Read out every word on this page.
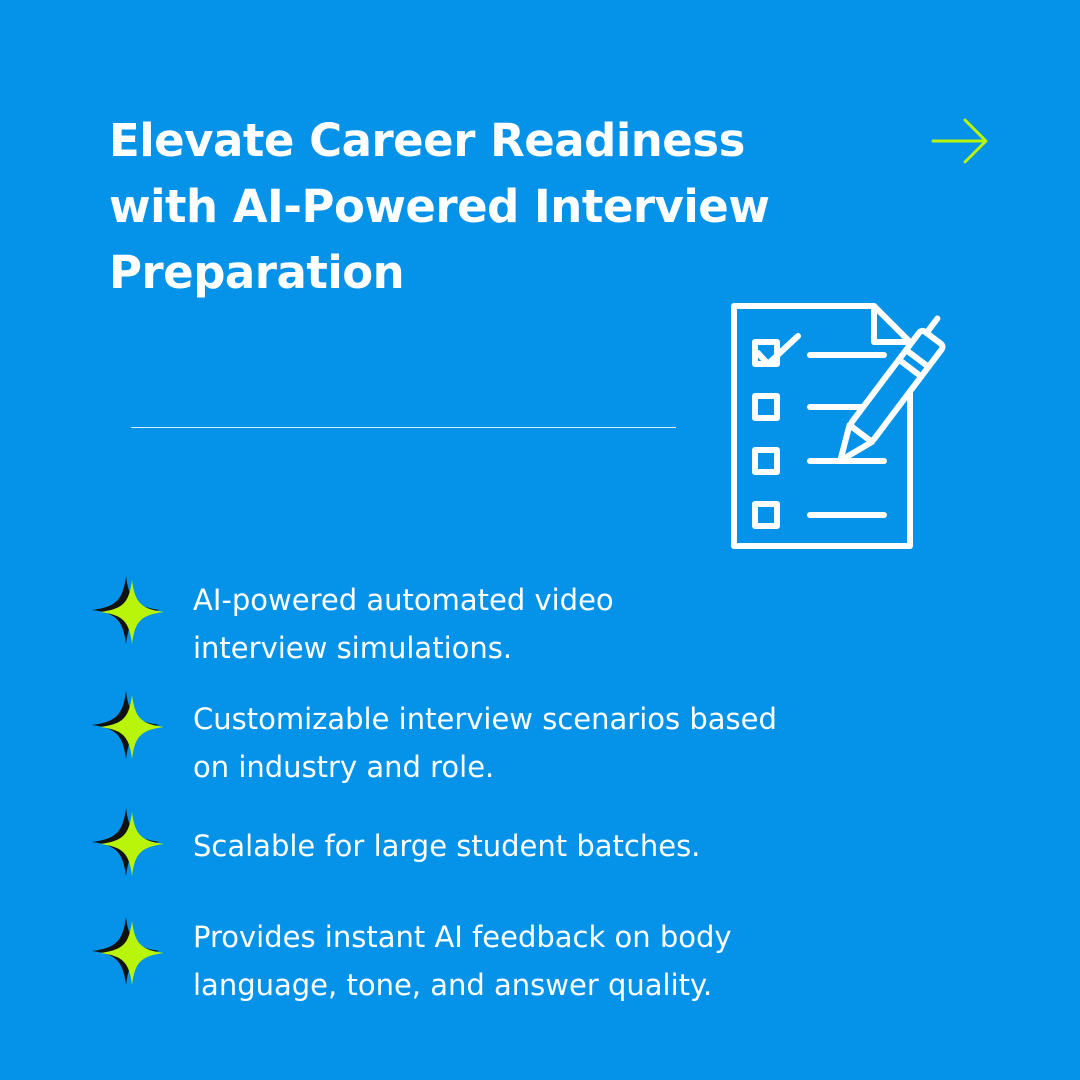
Elevate Career Readiness
with AI-Powered Interview
Preparation

AI-powered automated video
interview simulations.

Customizable interview scenarios based
on industry and role.

Scalable for large student batches.

Provides instant AI feedback on body
language, tone, and answer quality.
